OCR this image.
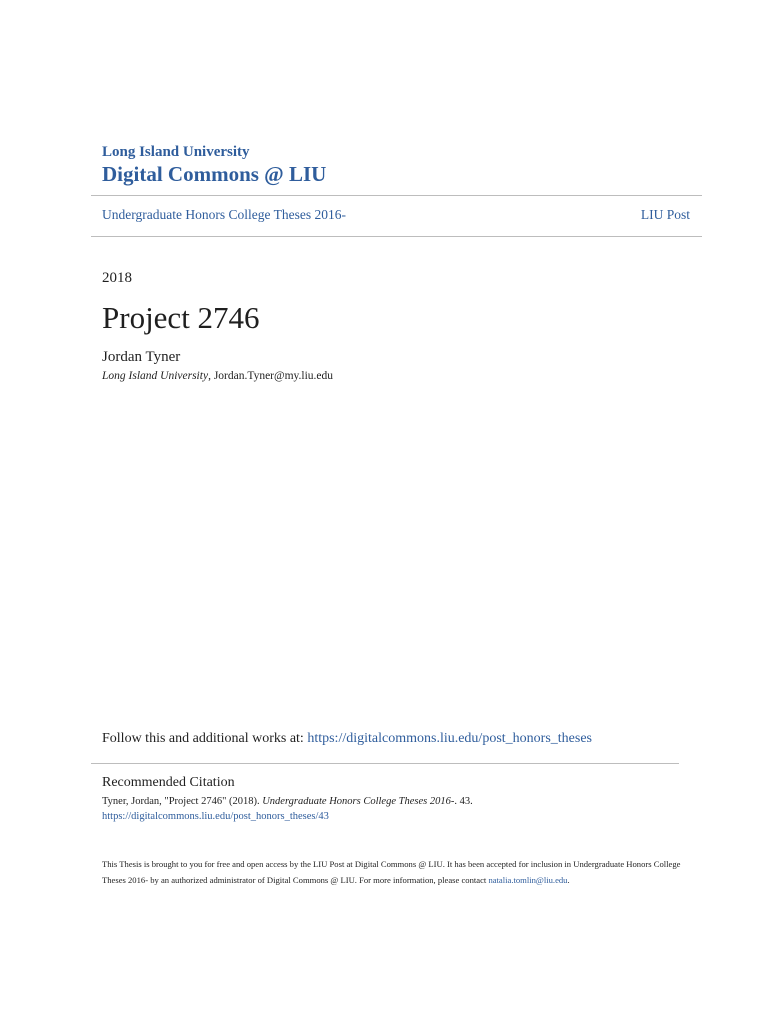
Long Island University
Digital Commons @ LIU
Undergraduate Honors College Theses 2016-	LIU Post
2018
Project 2746
Jordan Tyner
Long Island University, Jordan.Tyner@my.liu.edu
Follow this and additional works at: https://digitalcommons.liu.edu/post_honors_theses
Recommended Citation
Tyner, Jordan, "Project 2746" (2018). Undergraduate Honors College Theses 2016-. 43.
https://digitalcommons.liu.edu/post_honors_theses/43
This Thesis is brought to you for free and open access by the LIU Post at Digital Commons @ LIU. It has been accepted for inclusion in Undergraduate Honors College Theses 2016- by an authorized administrator of Digital Commons @ LIU. For more information, please contact natalia.tomlin@liu.edu.
